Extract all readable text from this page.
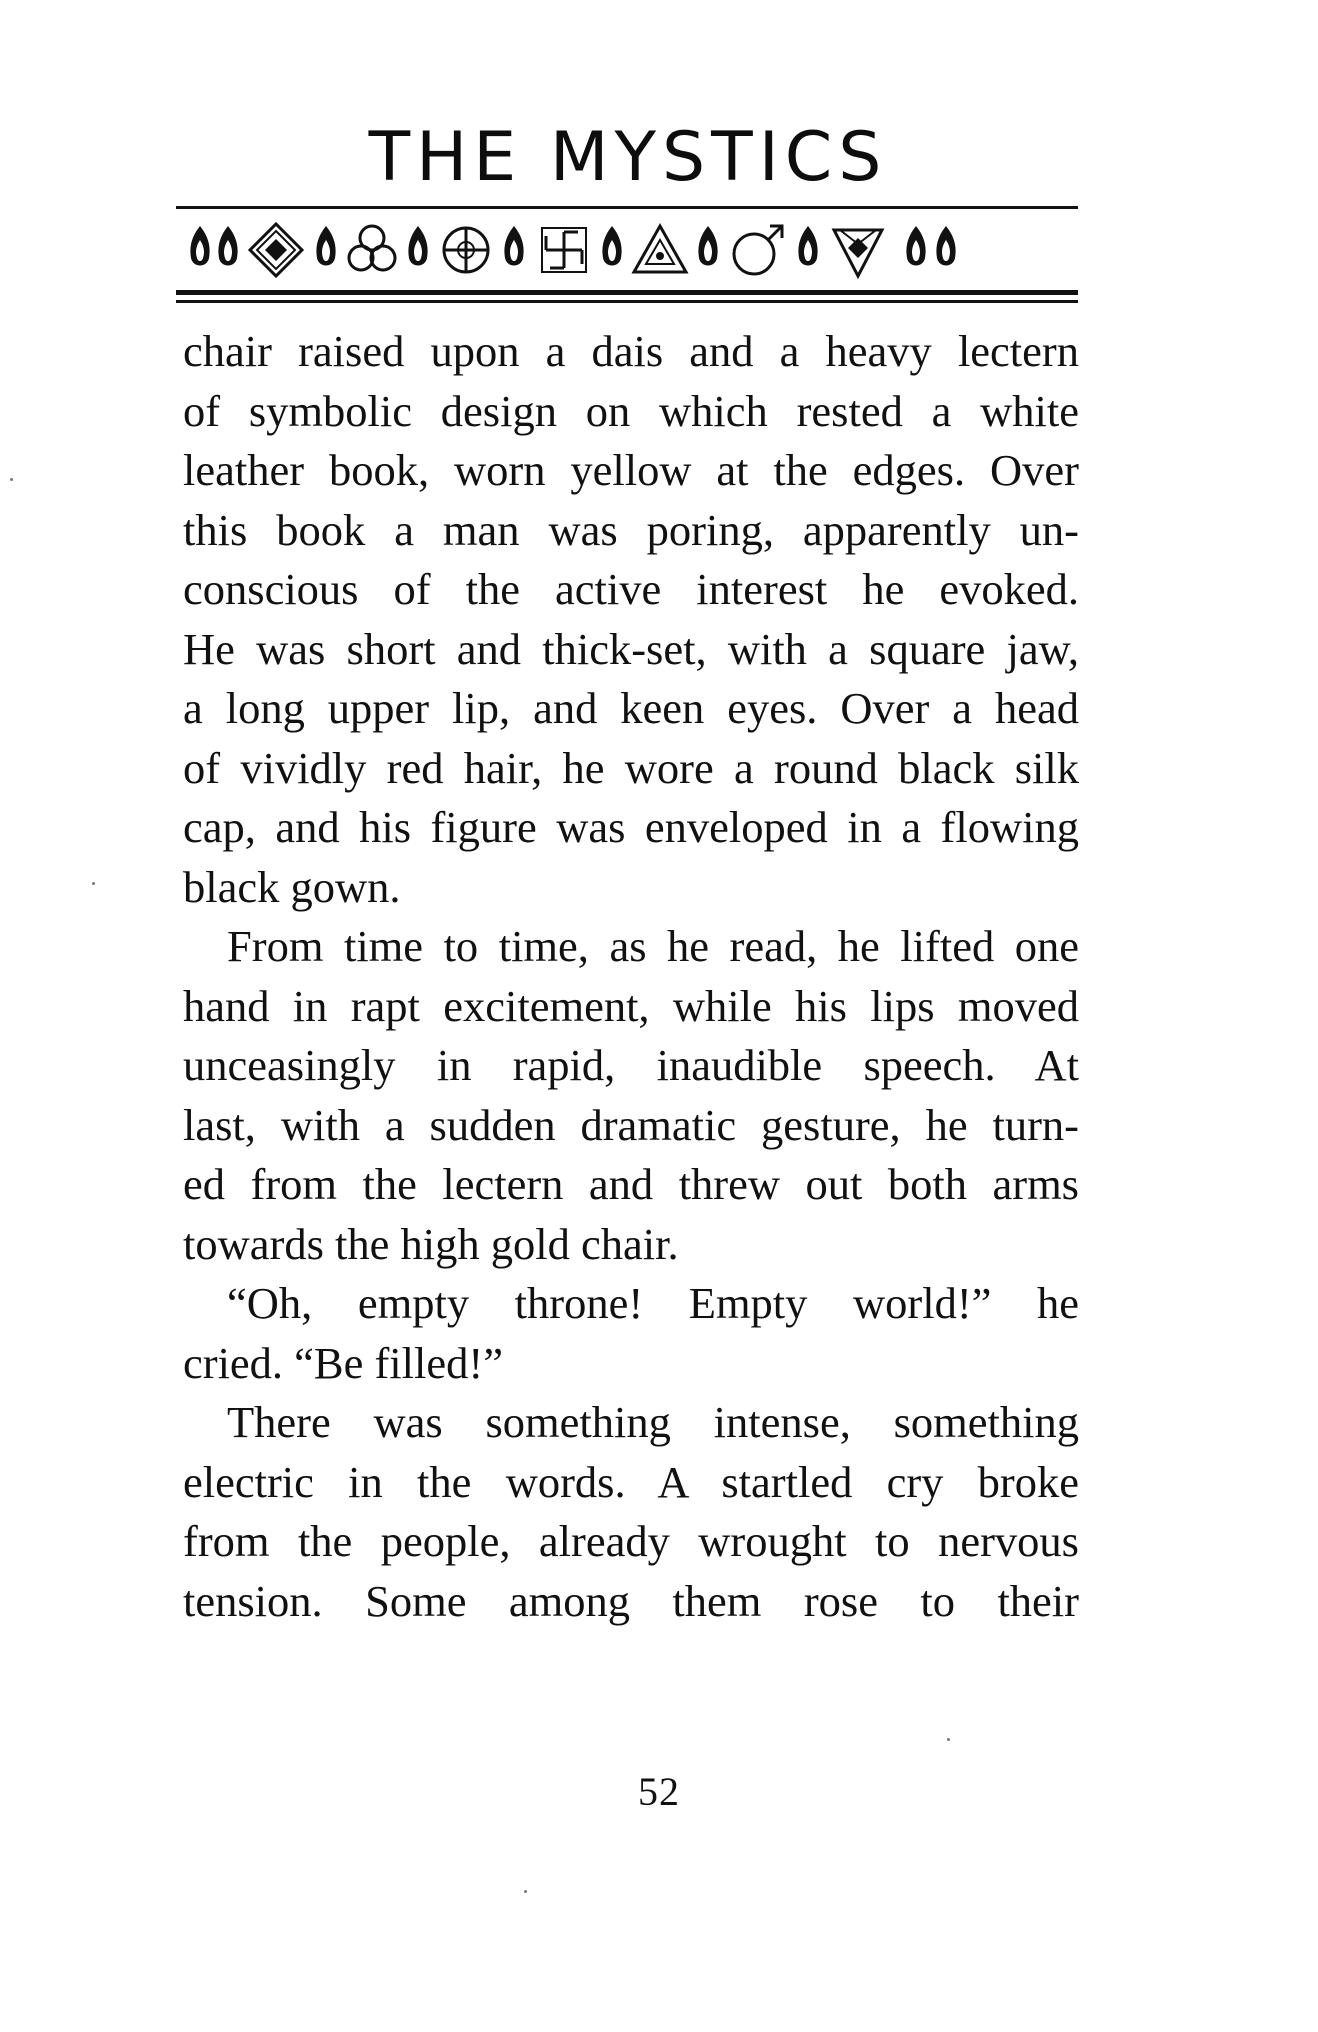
THE MYSTICS
chair raised upon a dais and a heavy lectern
of symbolic design on which rested a white
leather book, worn yellow at the edges. Over
this book a man was poring, apparently un-
conscious of the active interest he evoked.
He was short and thick-set, with a square jaw,
a long upper lip, and keen eyes. Over a head
of vividly red hair, he wore a round black silk
cap, and his figure was enveloped in a flowing
black gown.
From time to time, as he read, he lifted one
hand in rapt excitement, while his lips moved
unceasingly in rapid, inaudible speech. At
last, with a sudden dramatic gesture, he turn-
ed from the lectern and threw out both arms
towards the high gold chair.
“Oh, empty throne! Empty world!” he
cried. “Be filled!”
There was something intense, something
electric in the words. A startled cry broke
from the people, already wrought to nervous
tension. Some among them rose to their
52
